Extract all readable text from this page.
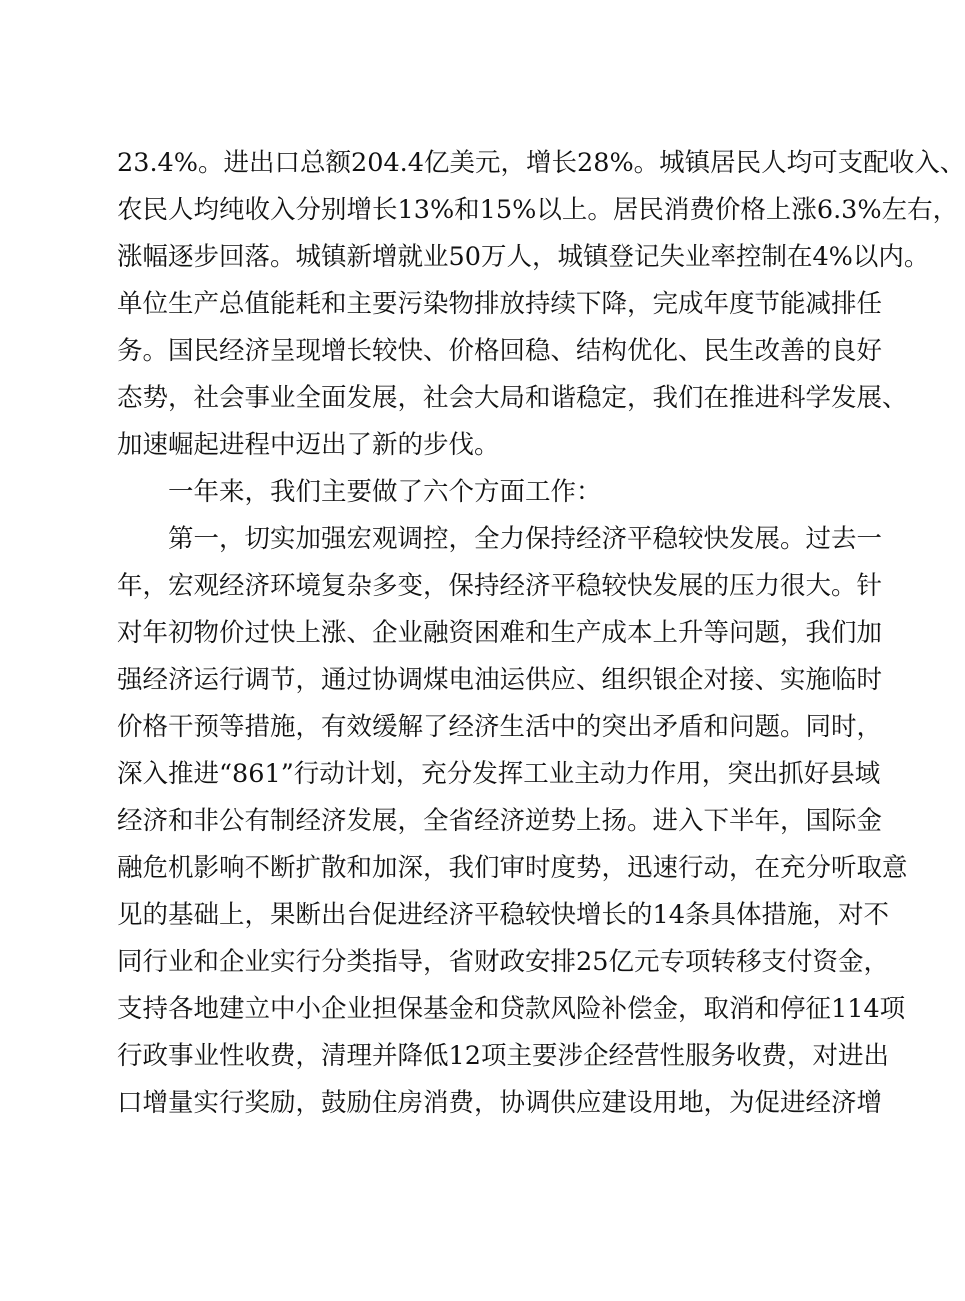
23.4%。进出口总额204.4亿美元，增长28%。城镇居民人均可支配收入、
农民人均纯收入分别增长13%和15%以上。居民消费价格上涨6.3%左右，
涨幅逐步回落。城镇新增就业50万人，城镇登记失业率控制在4%以内。
单位生产总值能耗和主要污染物排放持续下降，完成年度节能减排任
务。国民经济呈现增长较快、价格回稳、结构优化、民生改善的良好
态势，社会事业全面发展，社会大局和谐稳定，我们在推进科学发展、
加速崛起进程中迈出了新的步伐。
一年来，我们主要做了六个方面工作：
第一，切实加强宏观调控，全力保持经济平稳较快发展。过去一
年，宏观经济环境复杂多变，保持经济平稳较快发展的压力很大。针
对年初物价过快上涨、企业融资困难和生产成本上升等问题，我们加
强经济运行调节，通过协调煤电油运供应、组织银企对接、实施临时
价格干预等措施，有效缓解了经济生活中的突出矛盾和问题。同时，
深入推进“861”行动计划，充分发挥工业主动力作用，突出抓好县域
经济和非公有制经济发展，全省经济逆势上扬。进入下半年，国际金
融危机影响不断扩散和加深，我们审时度势，迅速行动，在充分听取意
见的基础上，果断出台促进经济平稳较快增长的14条具体措施，对不
同行业和企业实行分类指导，省财政安排25亿元专项转移支付资金，
支持各地建立中小企业担保基金和贷款风险补偿金，取消和停征114项
行政事业性收费，清理并降低12项主要涉企经营性服务收费，对进出
口增量实行奖励，鼓励住房消费，协调供应建设用地，为促进经济增
